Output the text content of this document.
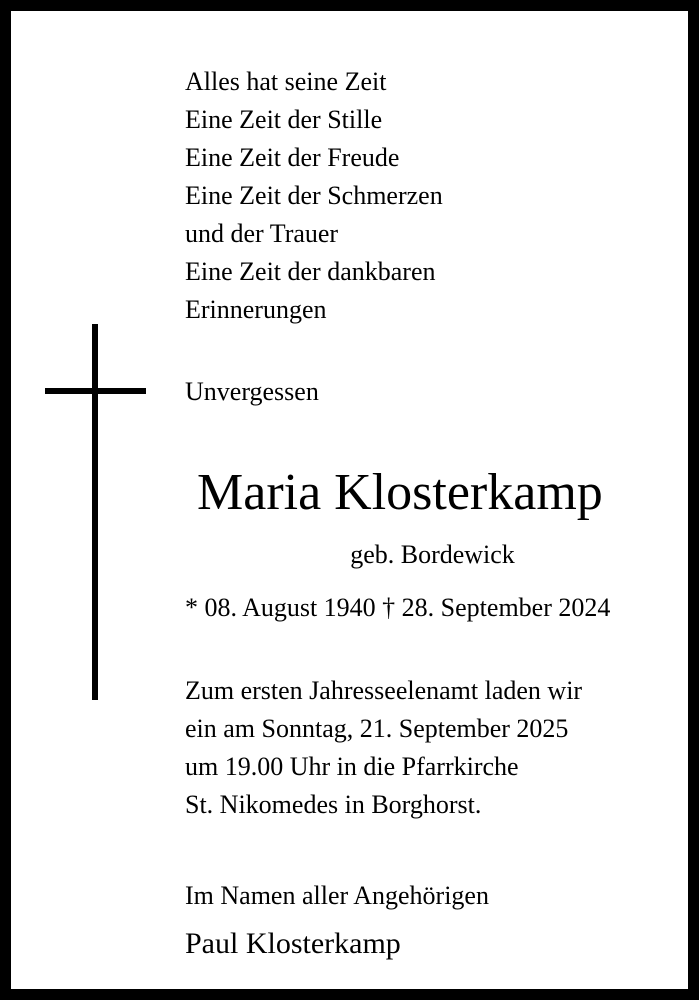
Alles hat seine Zeit
Eine Zeit der Stille
Eine Zeit der Freude
Eine Zeit der Schmerzen
und der Trauer
Eine Zeit der dankbaren
Erinnerungen
Unvergessen
Maria Klosterkamp
geb. Bordewick
* 08. August 1940 † 28. September 2024
Zum ersten Jahresseelenamt laden wir
ein am Sonntag, 21. September 2025
um 19.00 Uhr in die Pfarrkirche
St. Nikomedes in Borghorst.
Im Namen aller Angehörigen
Paul Klosterkamp
